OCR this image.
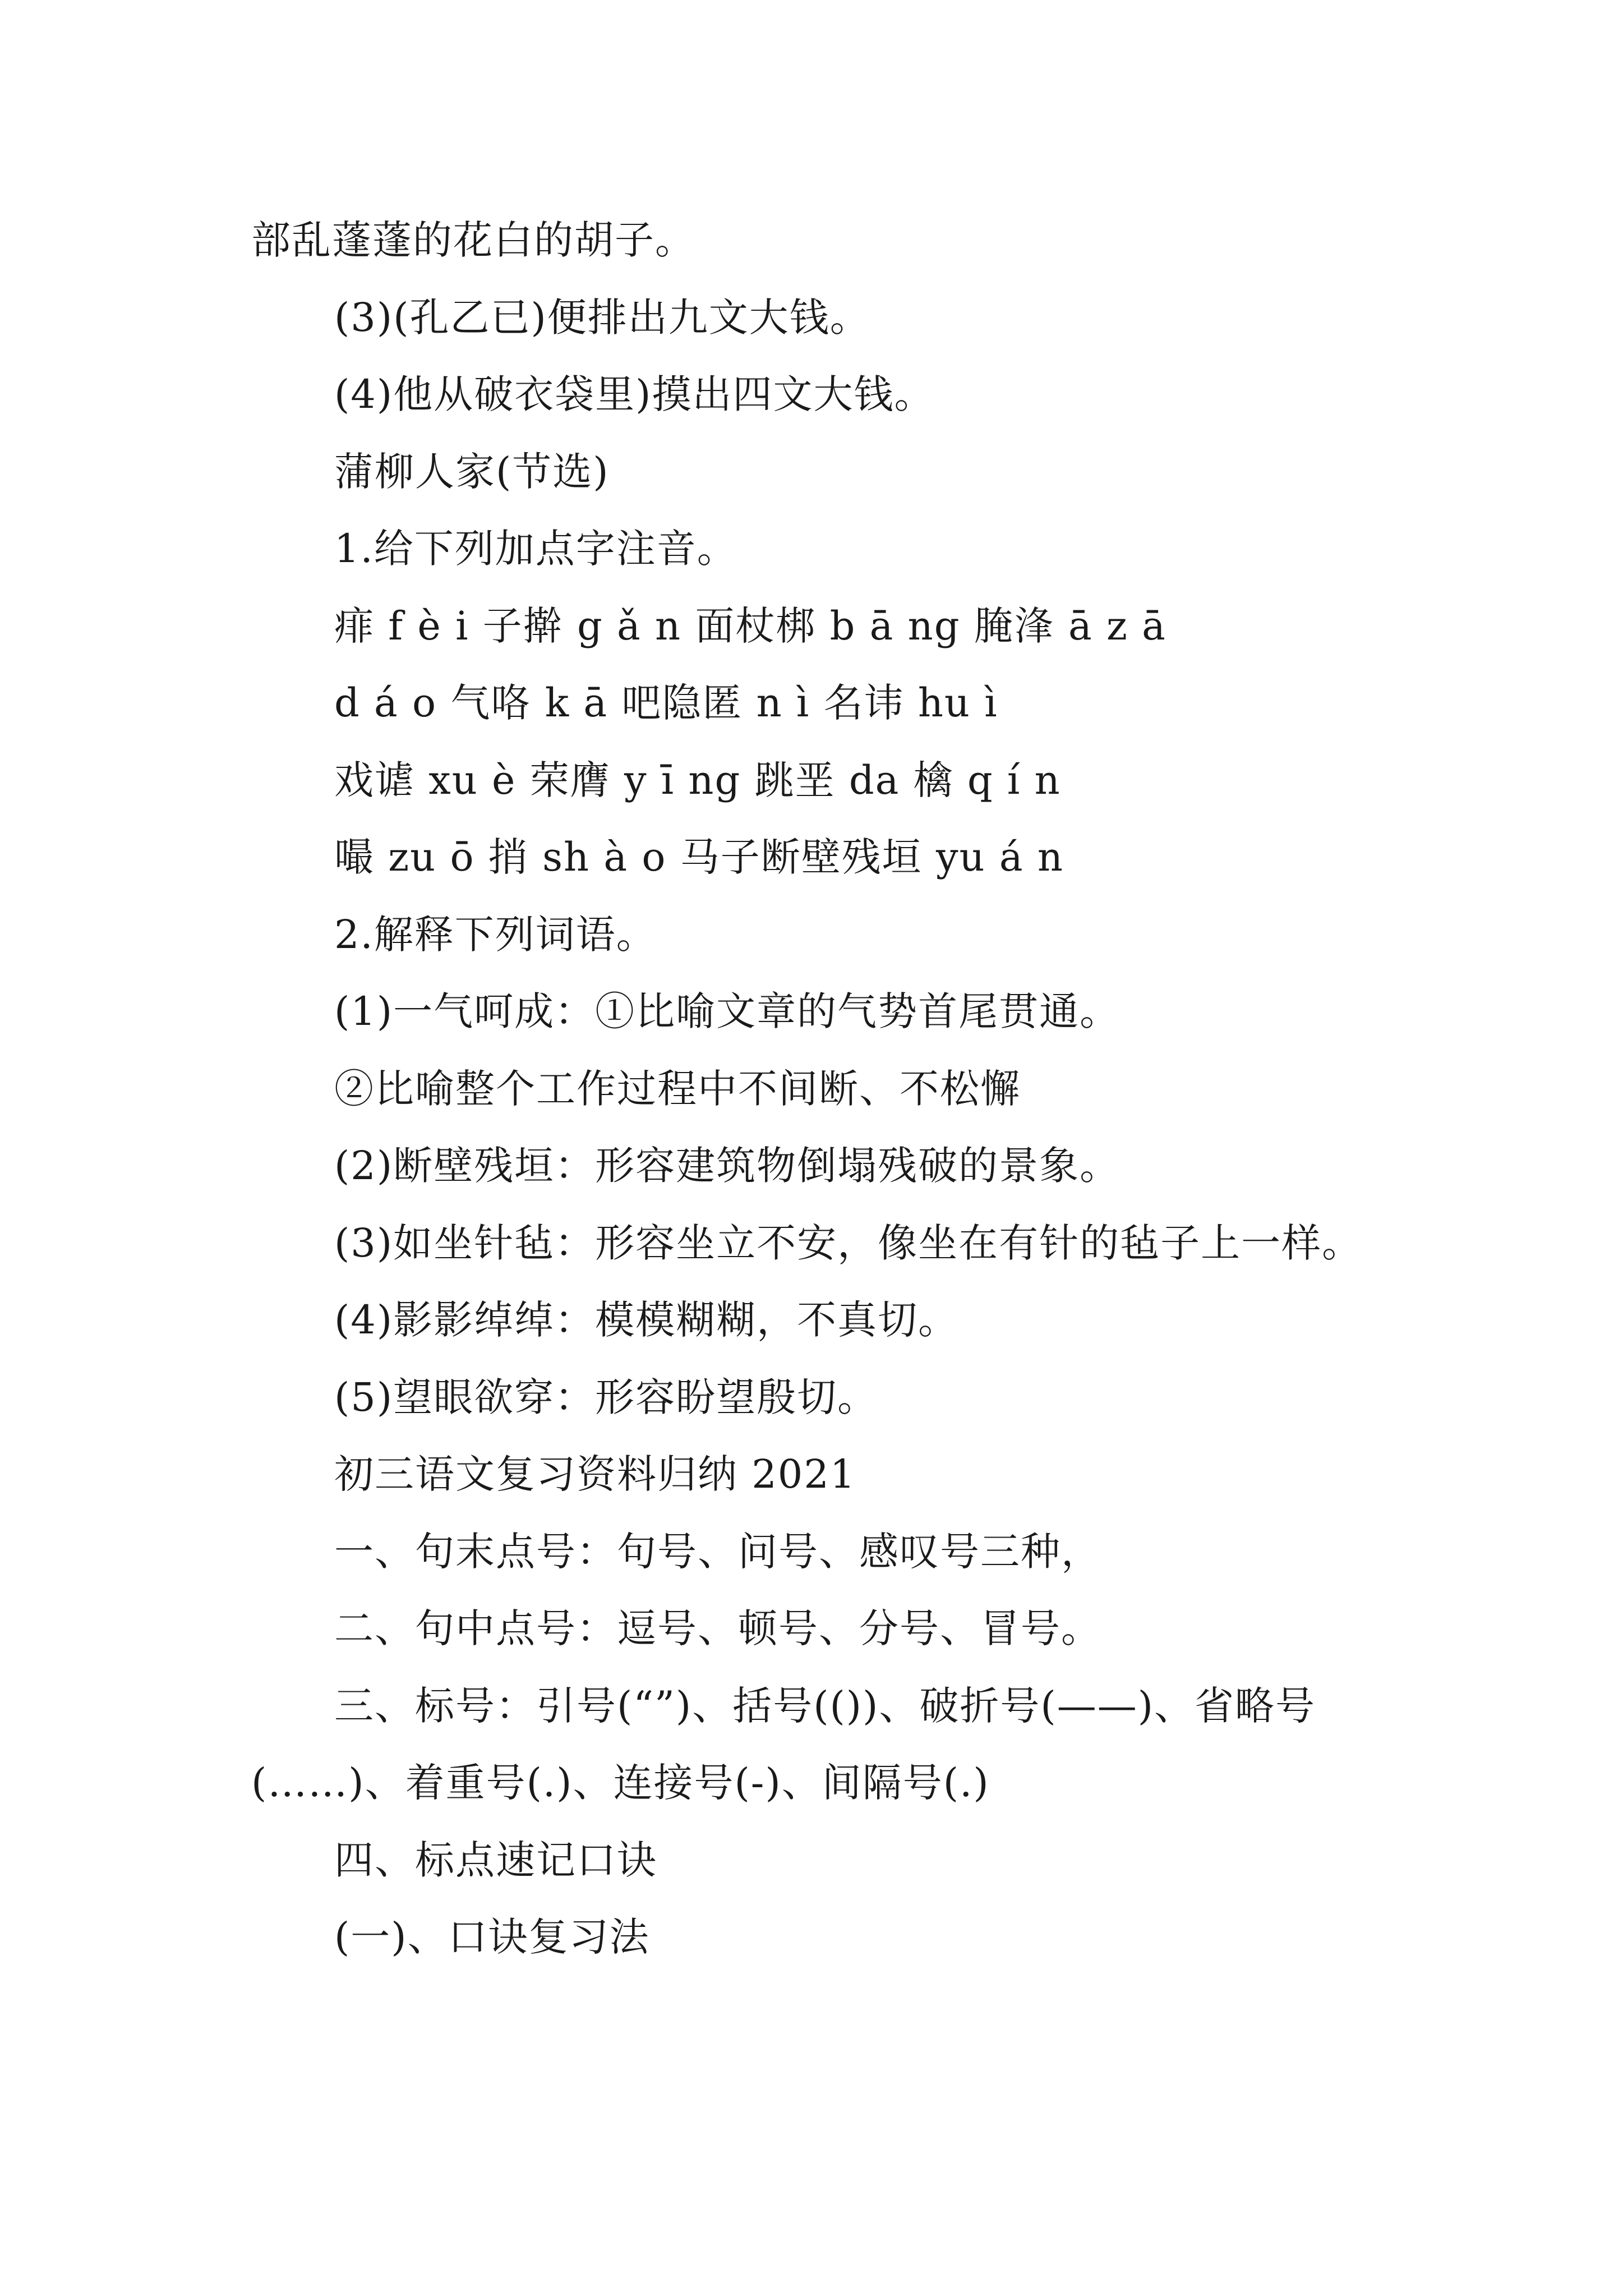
部乱蓬蓬的花白的胡子。

(3)(孔乙已)便排出九文大钱。

(4)他从破衣袋里)摸出四文大钱。

蒲柳人家(节选)

1.给下列加点字注音。

痱 f è i 子擀 g ǎ n 面杖梆 b ā ng 腌浲 ā z ā

d á o 气咯 k ā 吧隐匿 n ì 名讳 hu ì

戏谑 xu è 荣膺 y ī ng 跳垩 da 檎 q í n

嘬 zu ō 捎 sh à o 马子断壁残垣 yu á n

2.解释下列词语。

(1)一气呵成：①比喻文章的气势首尾贯通。

②比喻整个工作过程中不间断、不松懈

(2)断壁残垣：形容建筑物倒塌残破的景象。

(3)如坐针毡：形容坐立不安，像坐在有针的毡子上一样。

(4)影影绰绰：模模糊糊，不真切。

(5)望眼欲穿：形容盼望殷切。

初三语文复习资料归纳 2021

一、句末点号：句号、问号、感叹号三种，

二、句中点号：逗号、顿号、分号、冒号。

三、标号：引号(“”)、括号(())、破折号(——)、省略号(……)、着重号(.)、连接号(-)、间隔号(.)

四、标点速记口诀

(一)、口诀复习法
